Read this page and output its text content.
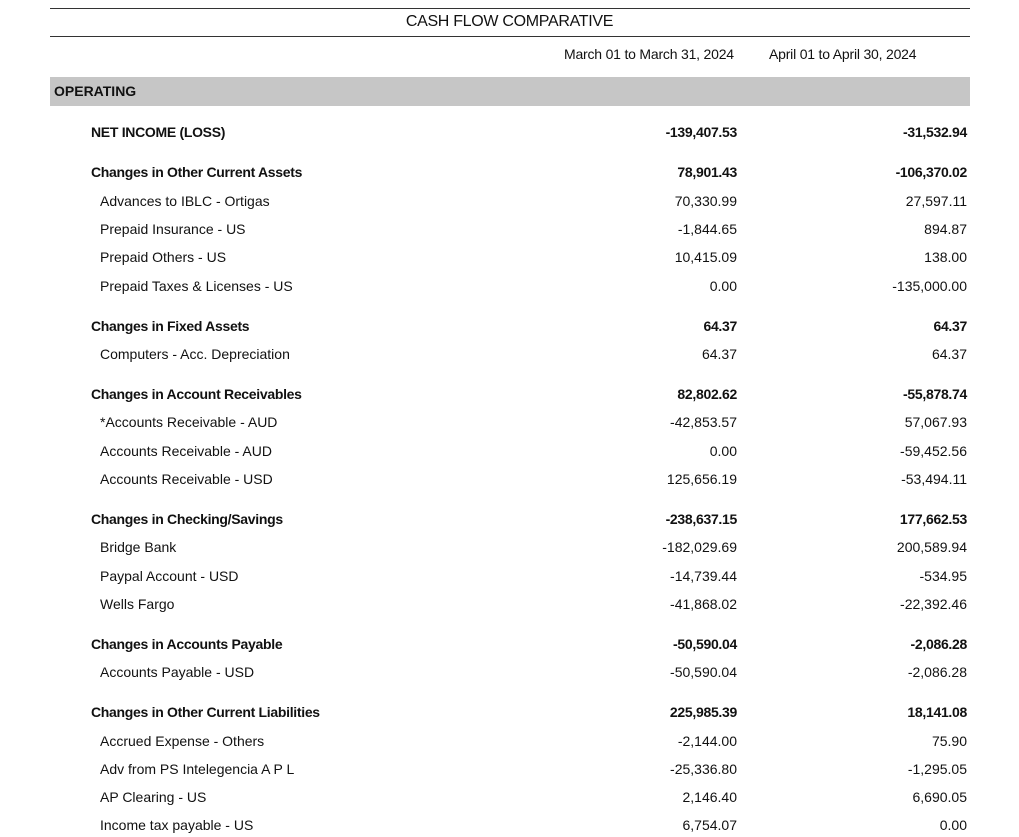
CASH FLOW COMPARATIVE
March 01 to March 31, 2024	April 01 to April 30, 2024
OPERATING
NET INCOME (LOSS)	-139,407.53	-31,532.94
Changes in Other Current Assets	78,901.43	-106,370.02
Advances to IBLC - Ortigas	70,330.99	27,597.11
Prepaid Insurance - US	-1,844.65	894.87
Prepaid Others - US	10,415.09	138.00
Prepaid Taxes & Licenses - US	0.00	-135,000.00
Changes in Fixed Assets	64.37	64.37
Computers - Acc. Depreciation	64.37	64.37
Changes in Account Receivables	82,802.62	-55,878.74
*Accounts Receivable - AUD	-42,853.57	57,067.93
Accounts Receivable - AUD	0.00	-59,452.56
Accounts Receivable - USD	125,656.19	-53,494.11
Changes in Checking/Savings	-238,637.15	177,662.53
Bridge Bank	-182,029.69	200,589.94
Paypal Account - USD	-14,739.44	-534.95
Wells Fargo	-41,868.02	-22,392.46
Changes in Accounts Payable	-50,590.04	-2,086.28
Accounts Payable - USD	-50,590.04	-2,086.28
Changes in Other Current Liabilities	225,985.39	18,141.08
Accrued Expense - Others	-2,144.00	75.90
Adv from PS Intelegencia A P L	-25,336.80	-1,295.05
AP Clearing - US	2,146.40	6,690.05
Income tax payable - US	6,754.07	0.00
